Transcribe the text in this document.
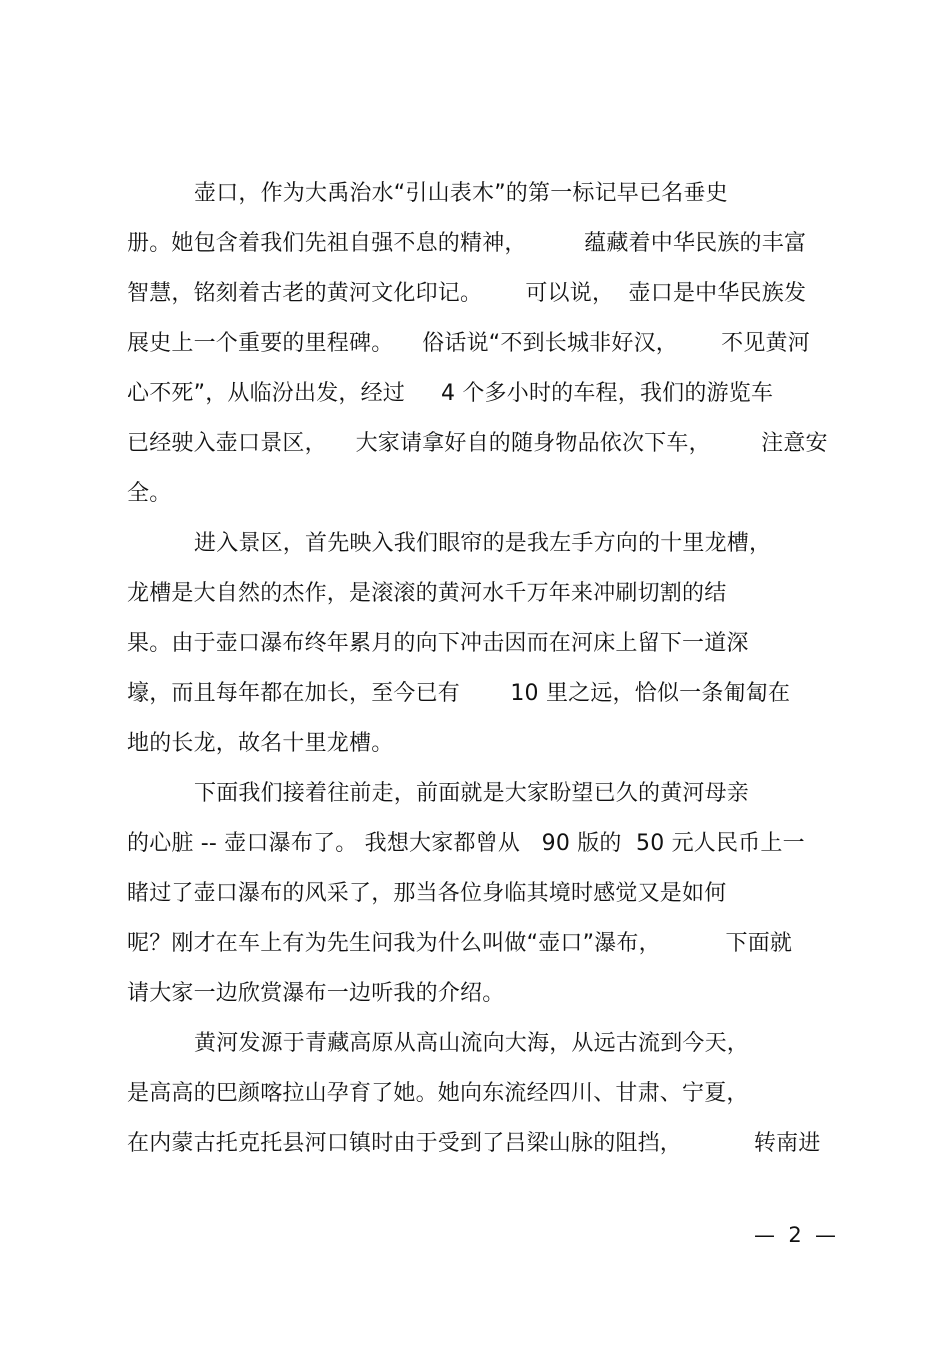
壶口，作为大禹治水“引山表木”的第一标记早已名垂史
册。她包含着我们先祖自强不息的精神，        蕴藏着中华民族的丰富
智慧，铭刻着古老的黄河文化印记。      可以说，  壶口是中华民族发
展史上一个重要的里程碑。    俗话说“不到长城非好汉，      不见黄河
心不死”，从临汾出发，经过     4 个多小时的车程，我们的游览车
已经驶入壶口景区，    大家请拿好自的随身物品依次下车，       注意安
全。
进入景区，首先映入我们眼帘的是我左手方向的十里龙槽，
龙槽是大自然的杰作，是滚滚的黄河水千万年来冲刷切割的结
果。由于壶口瀑布终年累月的向下冲击因而在河床上留下一道深
壕，而且每年都在加长，至今已有       10 里之远，恰似一条匍匐在
地的长龙，故名十里龙槽。
下面我们接着往前走，前面就是大家盼望已久的黄河母亲
的心脏 -- 壶口瀑布了。 我想大家都曾从   90 版的  50 元人民币上一
睹过了壶口瀑布的风采了，那当各位身临其境时感觉又是如何
呢？刚才在车上有为先生问我为什么叫做“壶口”瀑布，         下面就
请大家一边欣赏瀑布一边听我的介绍。
黄河发源于青藏高原从高山流向大海，从远古流到今天，
是高高的巴颜喀拉山孕育了她。她向东流经四川、甘肃、宁夏，
在内蒙古托克托县河口镇时由于受到了吕梁山脉的阻挡，          转南进
—  2  —
